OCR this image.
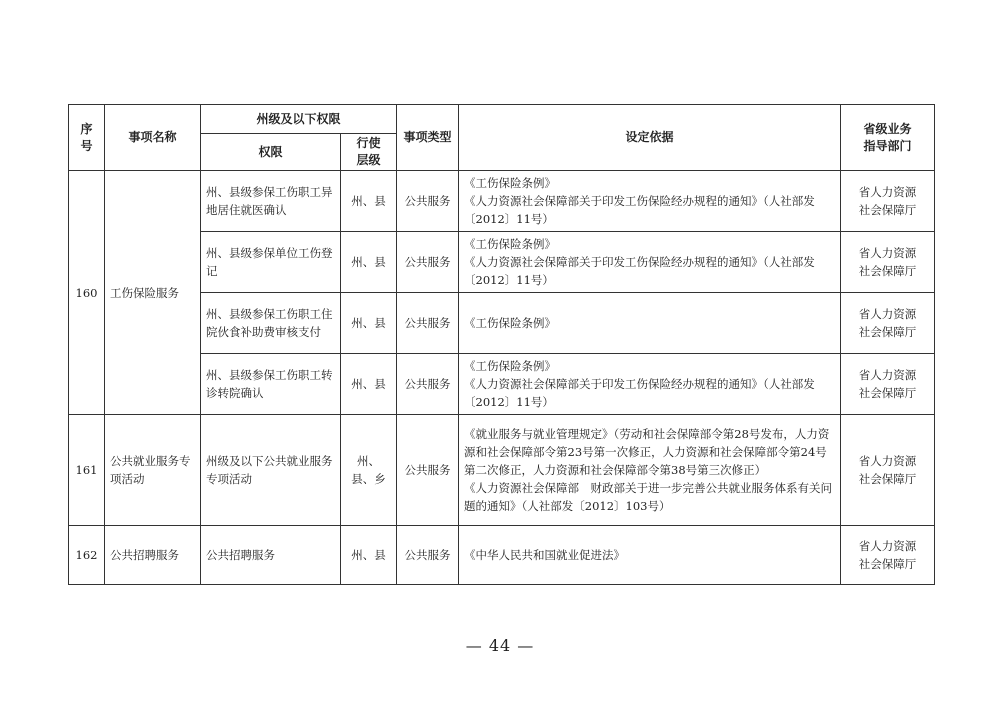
序
号	事项名称	州级及以下权限		事项类型	设定依据	省级业务
指导部门
		权限	行使
层级			
160	工伤保险服务	州、县级参保工伤职工异地居住就医确认	州、县	公共服务	《工伤保险条例》
《人力资源社会保障部关于印发工伤保险经办规程的通知》（人社部发〔2012〕11号）	省人力资源
社会保障厅
		州、县级参保单位工伤登记	州、县	公共服务	《工伤保险条例》
《人力资源社会保障部关于印发工伤保险经办规程的通知》（人社部发〔2012〕11号）	省人力资源
社会保障厅
		州、县级参保工伤职工住院伙食补助费审核支付	州、县	公共服务	《工伤保险条例》	省人力资源
社会保障厅
		州、县级参保工伤职工转诊转院确认	州、县	公共服务	《工伤保险条例》
《人力资源社会保障部关于印发工伤保险经办规程的通知》（人社部发〔2012〕11号）	省人力资源
社会保障厅
161	公共就业服务专项活动	州级及以下公共就业服务专项活动	州、县、乡	公共服务	《就业服务与就业管理规定》（劳动和社会保障部令第28号发布，人力资源和社会保障部令第23号第一次修正，人力资源和社会保障部令第24号第二次修正，人力资源和社会保障部令第38号第三次修正）
《人力资源社会保障部　财政部关于进一步完善公共就业服务体系有关问题的通知》（人社部发〔2012〕103号）	省人力资源
社会保障厅
162	公共招聘服务	公共招聘服务	州、县	公共服务	《中华人民共和国就业促进法》	省人力资源
社会保障厅
— 44 —
